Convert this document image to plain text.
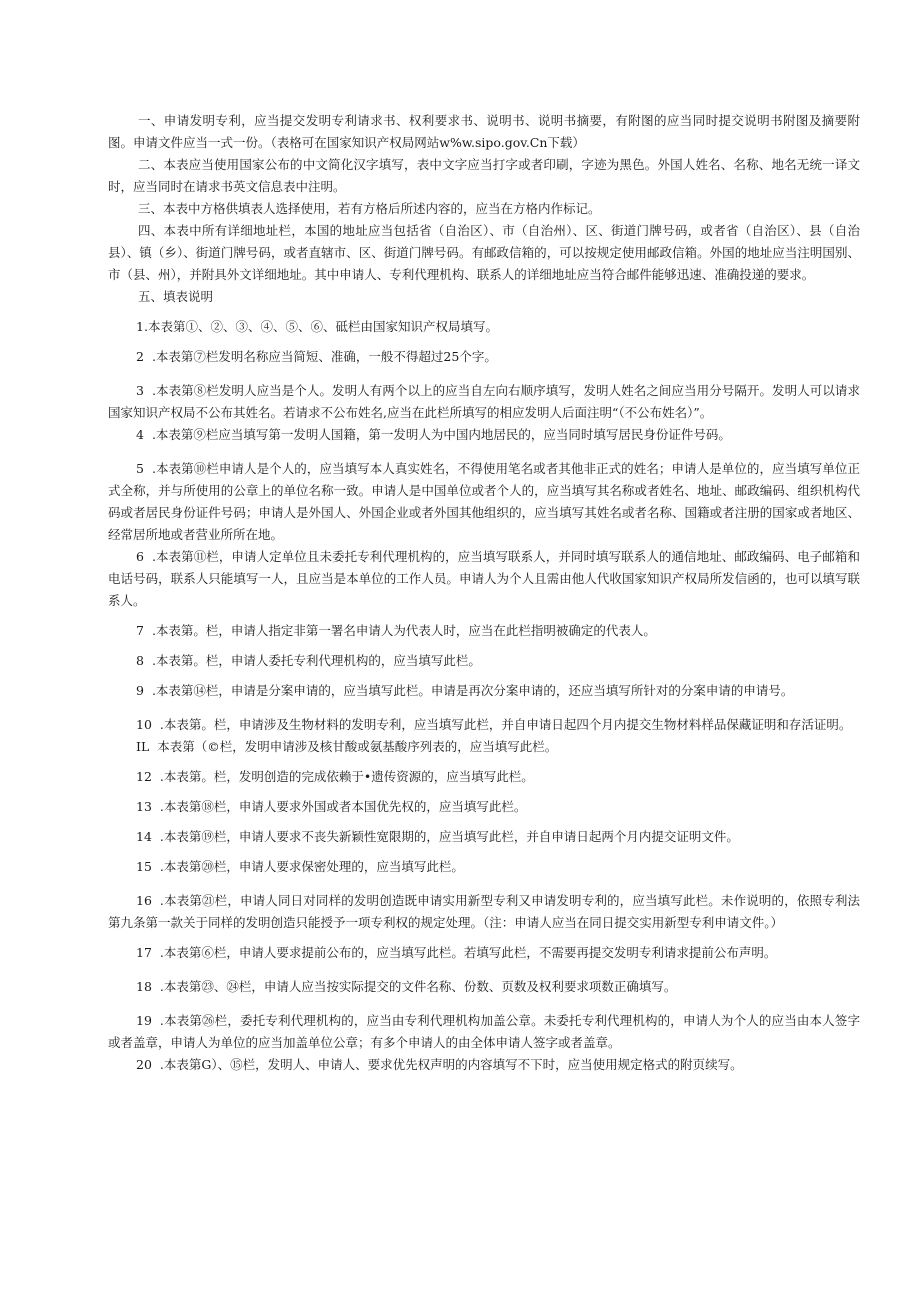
一、申请发明专利，应当提交发明专利请求书、权利要求书、说明书、说明书摘要，有附图的应当同时提交说明书附图及摘要附图。申请文件应当一式一份。（表格可在国家知识产权局网站w%w.sipo.gov.Cn下载）

二、本表应当使用国家公布的中文简化汉字填写，表中文字应当打字或者印刷，字迹为黑色。外国人姓名、名称、地名无统一译文时，应当同时在请求书英文信息表中注明。

三、本表中方格供填表人选择使用，若有方格后所述内容的，应当在方格内作标记。

四、本表中所有详细地址栏，本国的地址应当包括省（自治区）、市（自治州）、区、街道门牌号码，或者省（自治区）、县（自治县）、镇（乡）、街道门牌号码，或者直辖市、区、街道门牌号码。有邮政信箱的，可以按规定使用邮政信箱。外国的地址应当注明国别、市（县、州），并附具外文详细地址。其中申请人、专利代理机构、联系人的详细地址应当符合邮件能够迅速、准确投递的要求。

五、填表说明

1.本表第①、②、③、④、⑤、⑥、砥栏由国家知识产权局填写。

2 .本表第⑦栏发明名称应当简短、准确，一般不得超过25个字。

3 .本表第⑧栏发明人应当是个人。发明人有两个以上的应当自左向右顺序填写，发明人姓名之间应当用分号隔开。发明人可以请求国家知识产权局不公布其姓名。若请求不公布姓名,应当在此栏所填写的相应发明人后面注明“（不公布姓名）”。

4 .本表第⑨栏应当填写第一发明人国籍，第一发明人为中国内地居民的，应当同时填写居民身份证件号码。

5 .本表第⑩栏申请人是个人的，应当填写本人真实姓名，不得使用笔名或者其他非正式的姓名；申请人是单位的，应当填写单位正式全称，并与所使用的公章上的单位名称一致。申请人是中国单位或者个人的，应当填写其名称或者姓名、地址、邮政编码、组织机构代码或者居民身份证件号码；申请人是外国人、外国企业或者外国其他组织的，应当填写其姓名或者名称、国籍或者注册的国家或者地区、经常居所地或者营业所所在地。

6 .本表第⑪栏，申请人定单位且未委托专利代理机构的，应当填写联系人，并同时填写联系人的通信地址、邮政编码、电子邮箱和电话号码，联系人只能填写一人，且应当是本单位的工作人员。申请人为个人且需由他人代收国家知识产权局所发信函的，也可以填写联系人。

7 .本表第。栏，申请人指定非第一署名申请人为代表人时，应当在此栏指明被确定的代表人。

8 .本表第。栏，申请人委托专利代理机构的，应当填写此栏。

9 .本表第⑭栏，申请是分案申请的，应当填写此栏。申请是再次分案申请的，还应当填写所针对的分案申请的申请号。

10 .本表第。栏，申请涉及生物材料的发明专利，应当填写此栏，并自申请日起四个月内提交生物材料样品保藏证明和存活证明。

IL 本表第（©栏，发明申请涉及核甘酸或氨基酸序列表的，应当填写此栏。

12 .本表第。栏，发明创造的完成依赖于•遗传资源的，应当填写此栏。

13 .本表第⑱栏，申请人要求外国或者本国优先权的，应当填写此栏。

14 .本表第⑲栏，申请人要求不丧失新颖性宽限期的，应当填写此栏，并自申请日起两个月内提交证明文件。

15 .本表第⑳栏，申请人要求保密处理的，应当填写此栏。

16 .本表第㉑栏，申请人同日对同样的发明创造既申请实用新型专利又申请发明专利的，应当填写此栏。未作说明的，依照专利法第九条第一款关于同样的发明创造只能授予一项专利权的规定处理。（注：申请人应当在同日提交实用新型专利申请文件。）

17 .本表第⑥栏，申请人要求提前公布的，应当填写此栏。若填写此栏，不需要再提交发明专利请求提前公布声明。

18 .本表第㉓、㉔栏，申请人应当按实际提交的文件名称、份数、页数及权利要求项数正确填写。

19 .本表第㉖栏，委托专利代理机构的，应当由专利代理机构加盖公章。未委托专利代理机构的，申请人为个人的应当由本人签字或者盖章，申请人为单位的应当加盖单位公章；有多个申请人的由全体申请人签字或者盖章。

20 .本表第G）、⑮栏，发明人、申请人、要求优先权声明的内容填写不下时，应当使用规定格式的附页续写。
